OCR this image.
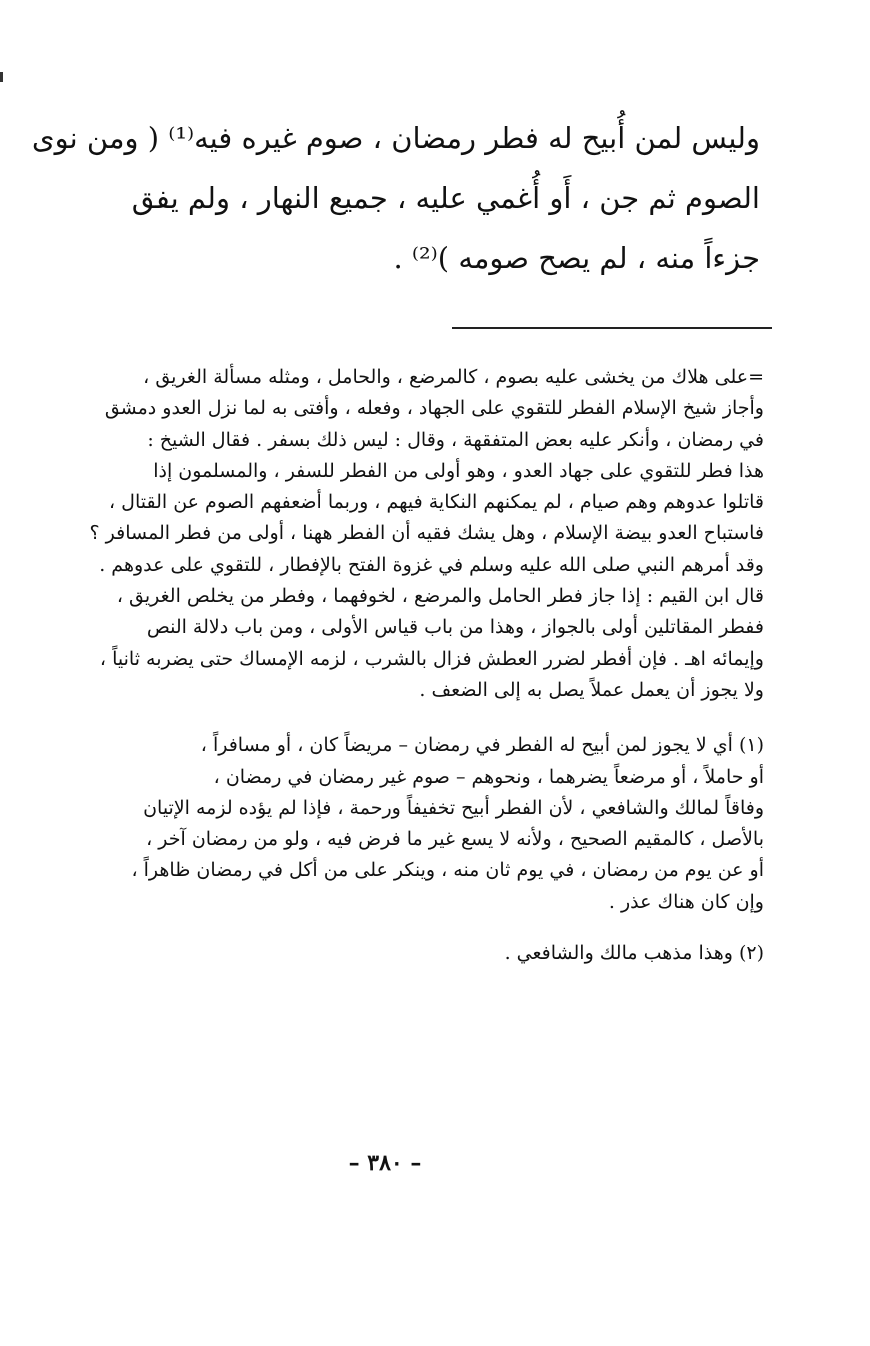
وليس لمن أُبيح له فطر رمضان ، صوم غيره فيه⁽¹⁾ ( ومن نوى
الصوم ثم جن ، أَو أُغمي عليه ، جميع النهار ، ولم يفق
جزءاً منه ، لم يصح صومه )⁽²⁾ .
=على هلاك من يخشى عليه بصوم ، كالمرضع ، والحامل ، ومثله مسألة الغريق ،
وأجاز شيخ الإسلام الفطر للتقوي على الجهاد ، وفعله ، وأفتى به لما نزل العدو دمشق
في رمضان ، وأنكر عليه بعض المتفقهة ، وقال : ليس ذلك بسفر . فقال الشيخ :
هذا فطر للتقوي على جهاد العدو ، وهو أولى من الفطر للسفر ، والمسلمون إذا
قاتلوا عدوهم وهم صيام ، لم يمكنهم النكاية فيهم ، وربما أضعفهم الصوم عن القتال ،
فاستباح العدو بيضة الإسلام ، وهل يشك فقيه أن الفطر ههنا ، أولى من فطر المسافر ؟
وقد أمرهم النبي صلى الله عليه وسلم في غزوة الفتح بالإفطار ، للتقوي على عدوهم .
قال ابن القيم : إذا جاز فطر الحامل والمرضع ، لخوفهما ، وفطر من يخلص الغريق ،
ففطر المقاتلين أولى بالجواز ، وهذا من باب قياس الأولى ، ومن باب دلالة النص
وإيمائه اهـ . فإن أفطر لضرر العطش فزال بالشرب ، لزمه الإمساك حتى يضربه ثانياً ،
ولا يجوز أن يعمل عملاً يصل به إلى الضعف .
(١) أي لا يجوز لمن أبيح له الفطر في رمضان – مريضاً كان ، أو مسافراً ،
أو حاملاً ، أو مرضعاً يضرهما ، ونحوهم – صوم غير رمضان في رمضان ،
وفاقاً لمالك والشافعي ، لأن الفطر أبيح تخفيفاً ورحمة ، فإذا لم يؤده لزمه الإتيان
بالأصل ، كالمقيم الصحيح ، ولأنه لا يسع غير ما فرض فيه ، ولو من رمضان آخر ،
أو عن يوم من رمضان ، في يوم ثان منه ، وينكر على من أكل في رمضان ظاهراً ،
وإن كان هناك عذر .
(٢) وهذا مذهب مالك والشافعي .
– ٣٨٠ –
